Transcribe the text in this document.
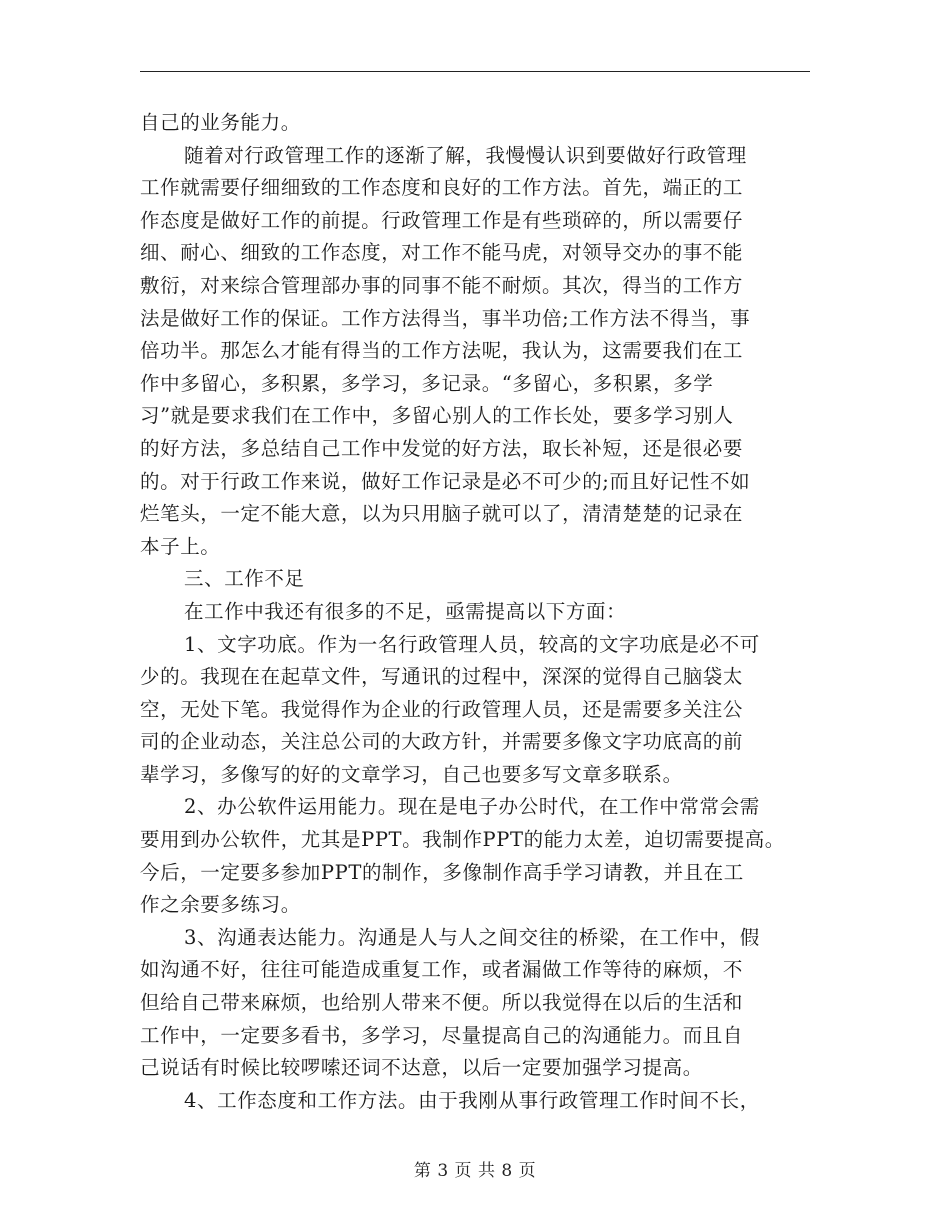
自己的业务能力。
随着对行政管理工作的逐渐了解，我慢慢认识到要做好行政管理
工作就需要仔细细致的工作态度和良好的工作方法。首先，端正的工
作态度是做好工作的前提。行政管理工作是有些琐碎的，所以需要仔
细、耐心、细致的工作态度，对工作不能马虎，对领导交办的事不能
敷衍，对来综合管理部办事的同事不能不耐烦。其次，得当的工作方
法是做好工作的保证。工作方法得当，事半功倍;工作方法不得当，事
倍功半。那怎么才能有得当的工作方法呢，我认为，这需要我们在工
作中多留心，多积累，多学习，多记录。“多留心，多积累，多学
习”就是要求我们在工作中，多留心别人的工作长处，要多学习别人
的好方法，多总结自己工作中发觉的好方法，取长补短，还是很必要
的。对于行政工作来说，做好工作记录是必不可少的;而且好记性不如
烂笔头，一定不能大意，以为只用脑子就可以了，清清楚楚的记录在
本子上。
三、工作不足
在工作中我还有很多的不足，亟需提高以下方面：
1、文字功底。作为一名行政管理人员，较高的文字功底是必不可
少的。我现在在起草文件，写通讯的过程中，深深的觉得自己脑袋太
空，无处下笔。我觉得作为企业的行政管理人员，还是需要多关注公
司的企业动态，关注总公司的大政方针，并需要多像文字功底高的前
辈学习，多像写的好的文章学习，自己也要多写文章多联系。
2、办公软件运用能力。现在是电子办公时代，在工作中常常会需
要用到办公软件，尤其是PPT。我制作PPT的能力太差，迫切需要提高。
今后，一定要多参加PPT的制作，多像制作高手学习请教，并且在工
作之余要多练习。
3、沟通表达能力。沟通是人与人之间交往的桥梁，在工作中，假
如沟通不好，往往可能造成重复工作，或者漏做工作等待的麻烦，不
但给自己带来麻烦，也给别人带来不便。所以我觉得在以后的生活和
工作中，一定要多看书，多学习，尽量提高自己的沟通能力。而且自
己说话有时候比较啰嗦还词不达意，以后一定要加强学习提高。
4、工作态度和工作方法。由于我刚从事行政管理工作时间不长，
第 3 页 共 8 页
